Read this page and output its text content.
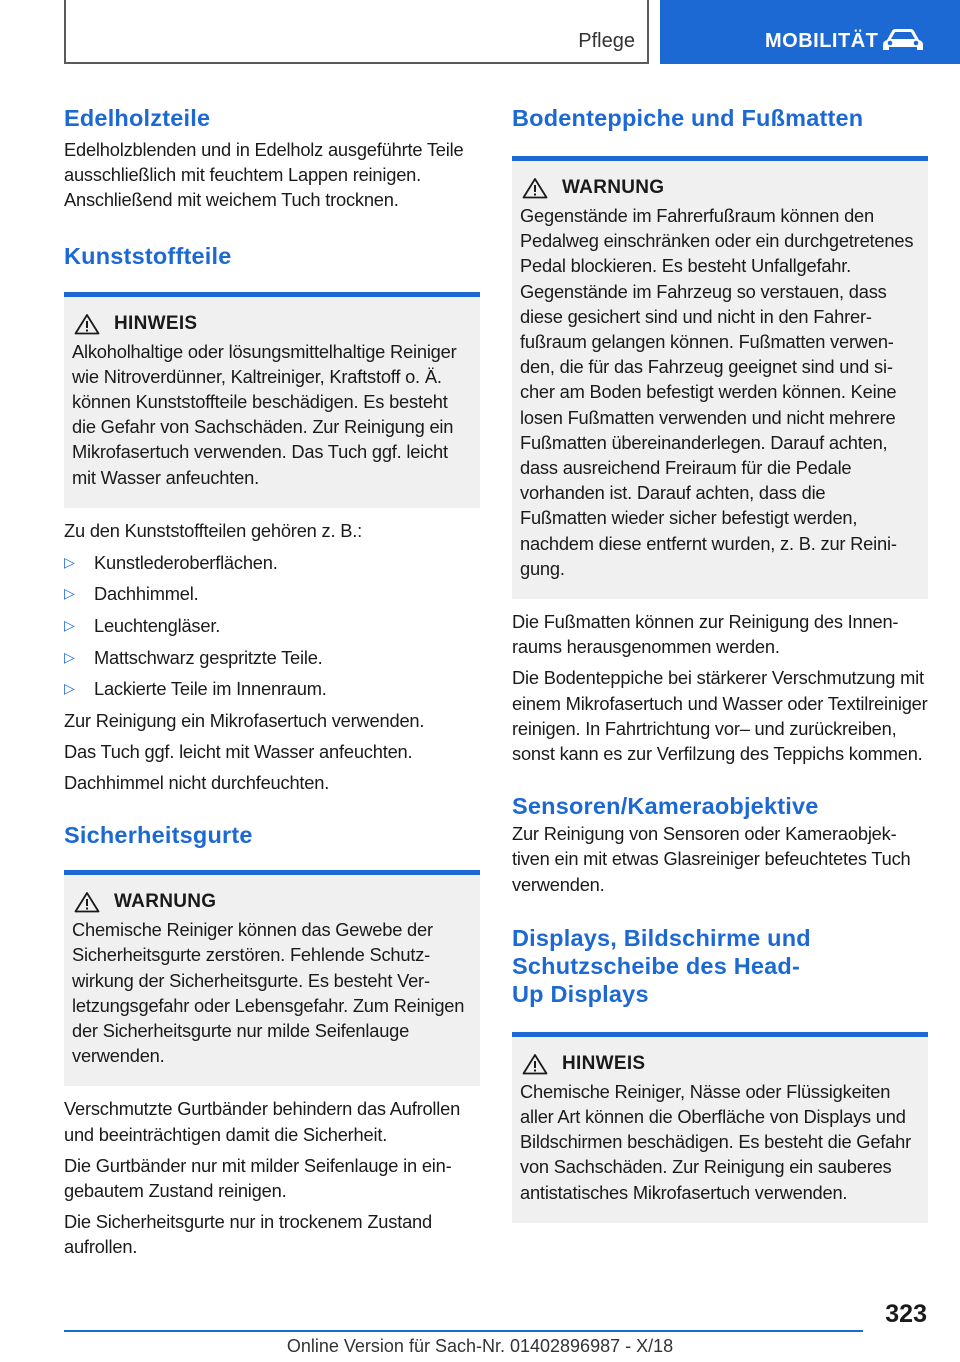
Pflege	MOBILITÄT
Edelholzteile

Edelholzblenden und in Edelholz ausgeführte Teile ausschließlich mit feuchtem Lappen reinigen. Anschließend mit weichem Tuch trocknen.

Kunststoffteile
HINWEIS
Alkoholhaltige oder lösungsmittelhaltige Reiniger wie Nitroverdünner, Kaltreiniger, Kraftstoff o. Ä. können Kunststoffteile beschädigen. Es besteht die Gefahr von Sachschäden. Zur Reinigung ein Mikrofasertuch verwenden. Das Tuch ggf. leicht mit Wasser anfeuchten.

Zu den Kunststoffteilen gehören z. B.:

▷	Kunstlederoberflächen.
▷	Dachhimmel.
▷	Leuchtengläser.
▷	Mattschwarz gespritzte Teile.
▷	Lackierte Teile im Innenraum.

Zur Reinigung ein Mikrofasertuch verwenden.

Das Tuch ggf. leicht mit Wasser anfeuchten.

Dachhimmel nicht durchfeuchten.

Sicherheitsgurte
WARNUNG
Chemische Reiniger können das Gewebe der Sicherheitsgurte zerstören. Fehlende Schutzwirkung der Sicherheitsgurte. Es besteht Verletzungsgefahr oder Lebensgefahr. Zum Reinigen der Sicherheitsgurte nur milde Seifenlauge verwenden.

Verschmutzte Gurtbänder behindern das Aufrollen und beeinträchtigen damit die Sicherheit.

Die Gurtbänder nur mit milder Seifenlauge in eingebautem Zustand reinigen.

Die Sicherheitsgurte nur in trockenem Zustand aufrollen.

Bodenteppiche und Fußmatten
WARNUNG
Gegenstände im Fahrerfußraum können den Pedalweg einschränken oder ein durchgetretenes Pedal blockieren. Es besteht Unfallgefahr. Gegenstände im Fahrzeug so verstauen, dass diese gesichert sind und nicht in den Fahrerfußraum gelangen können. Fußmatten verwenden, die für das Fahrzeug geeignet sind und sicher am Boden befestigt werden können. Keine losen Fußmatten verwenden und nicht mehrere Fußmatten übereinanderlegen. Darauf achten, dass ausreichend Freiraum für die Pedale vorhanden ist. Darauf achten, dass die Fußmatten wieder sicher befestigt werden, nachdem diese entfernt wurden, z. B. zur Reinigung.

Die Fußmatten können zur Reinigung des Innenraums herausgenommen werden.

Die Bodenteppiche bei stärkerer Verschmutzung mit einem Mikrofasertuch und Wasser oder Textilreiniger reinigen. In Fahrtrichtung vor– und zurückreiben, sonst kann es zur Verfilzung des Teppichs kommen.

Sensoren/Kameraobjektive

Zur Reinigung von Sensoren oder Kameraobjektiven ein mit etwas Glasreiniger befeuchtetes Tuch verwenden.

Displays, Bildschirme und
Schutzscheibe des Head-
Up Displays
HINWEIS
Chemische Reiniger, Nässe oder Flüssigkeiten aller Art können die Oberfläche von Displays und Bildschirmen beschädigen. Es besteht die Gefahr von Sachschäden. Zur Reinigung ein sauberes antistatisches Mikrofasertuch verwenden.
323
Online Version für Sach-Nr. 01402896987 - X/18
